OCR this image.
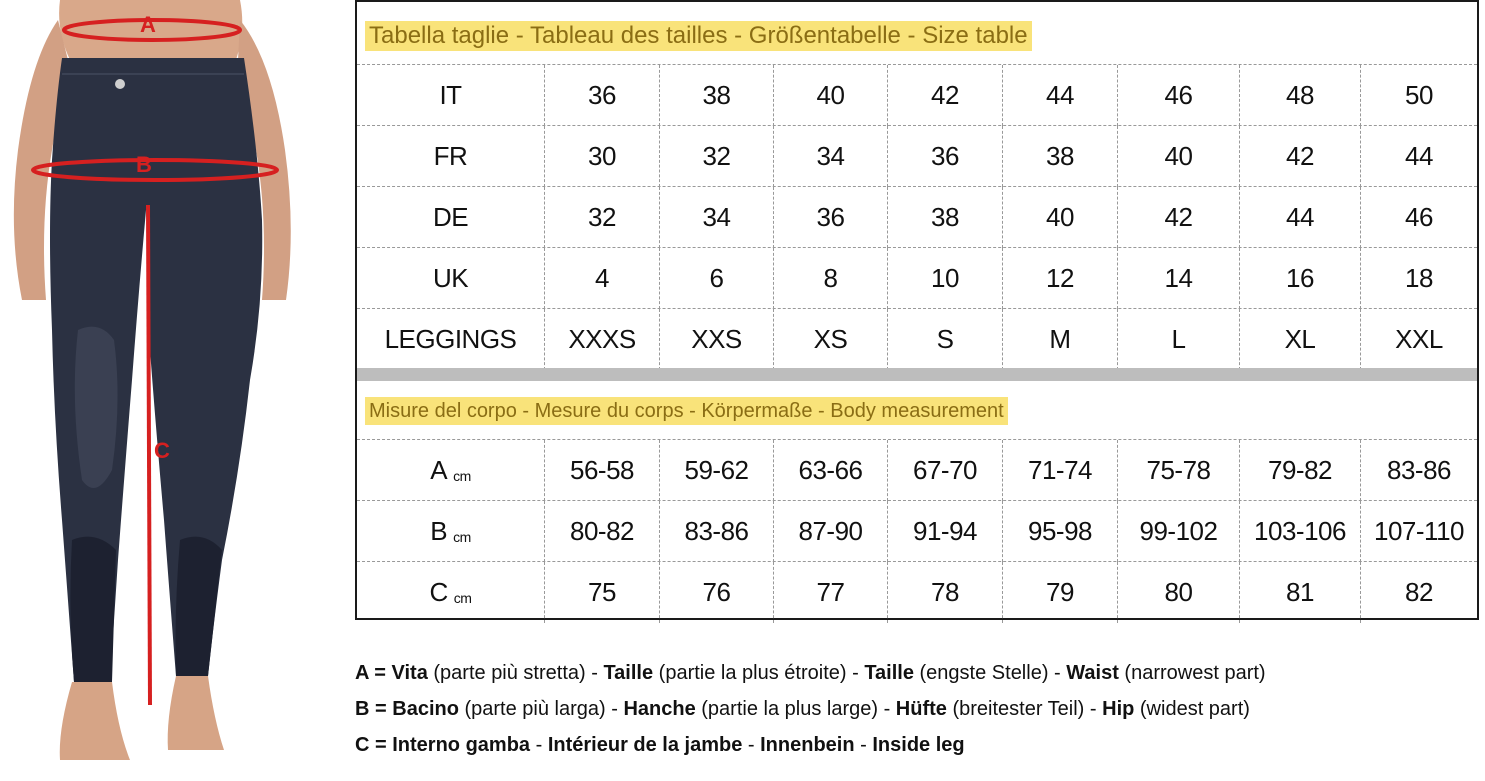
A
B
C
Tabella taglie - Tableau des tailles - Größentabelle - Size table
IT	36	38	40	42	44	46	48	50
FR	30	32	34	36	38	40	42	44
DE	32	34	36	38	40	42	44	46
UK	4	6	8	10	12	14	16	18
LEGGINGS	XXXS	XXS	XS	S	M	L	XL	XXL
Misure del corpo - Mesure du corps - Körpermaße - Body measurement
A cm	56-58	59-62	63-66	67-70	71-74	75-78	79-82	83-86
B cm	80-82	83-86	87-90	91-94	95-98	99-102	103-106	107-110
C cm	75	76	77	78	79	80	81	82
A = Vita (parte più stretta) - Taille (partie la plus étroite) - Taille (engste Stelle) - Waist (narrowest part)
B = Bacino (parte più larga) - Hanche (partie la plus large) - Hüfte (breitester Teil) - Hip (widest part)
C = Interno gamba - Intérieur de la jambe - Innenbein - Inside leg
